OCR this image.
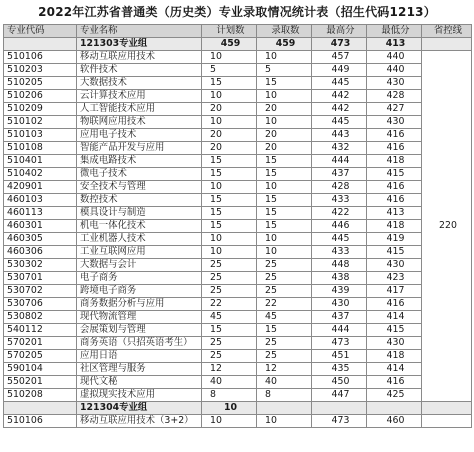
2022年江苏省普通类（历史类）专业录取情况统计表（招生代码1213）
专业代码	专业名称	计划数	录取数	最高分	最低分	省控线
	121303专业组	459	459	473	413	
510106	移动互联应用技术	10	10	457	440	220
510203	软件技术	5	5	449	440	
510205	大数据技术	15	15	445	430	
510206	云计算技术应用	10	10	442	428	
510209	人工智能技术应用	20	20	442	427	
510102	物联网应用技术	10	10	445	430	
510103	应用电子技术	20	20	443	416	
510108	智能产品开发与应用	20	20	432	416	
510401	集成电路技术	15	15	444	418	
510402	微电子技术	15	15	437	415	
420901	安全技术与管理	10	10	428	416	
460103	数控技术	15	15	433	416	
460113	模具设计与制造	15	15	422	413	
460301	机电一体化技术	15	15	446	418	
460305	工业机器人技术	10	10	445	419	
460306	工业互联网应用	10	10	433	415	
530302	大数据与会计	25	25	448	430	
530701	电子商务	25	25	438	423	
530702	跨境电子商务	25	25	439	417	
530706	商务数据分析与应用	22	22	430	416	
530802	现代物流管理	45	45	437	414	
540112	会展策划与管理	15	15	444	415	
570201	商务英语（只招英语考生）	25	25	473	430	
570205	应用日语	25	25	451	418	
590104	社区管理与服务	12	12	435	414	
550201	现代文秘	40	40	450	416	
510208	虚拟现实技术应用	8	8	447	425	
	121304专业组	10				
510106	移动互联应用技术（3+2）	10	10	473	460	
